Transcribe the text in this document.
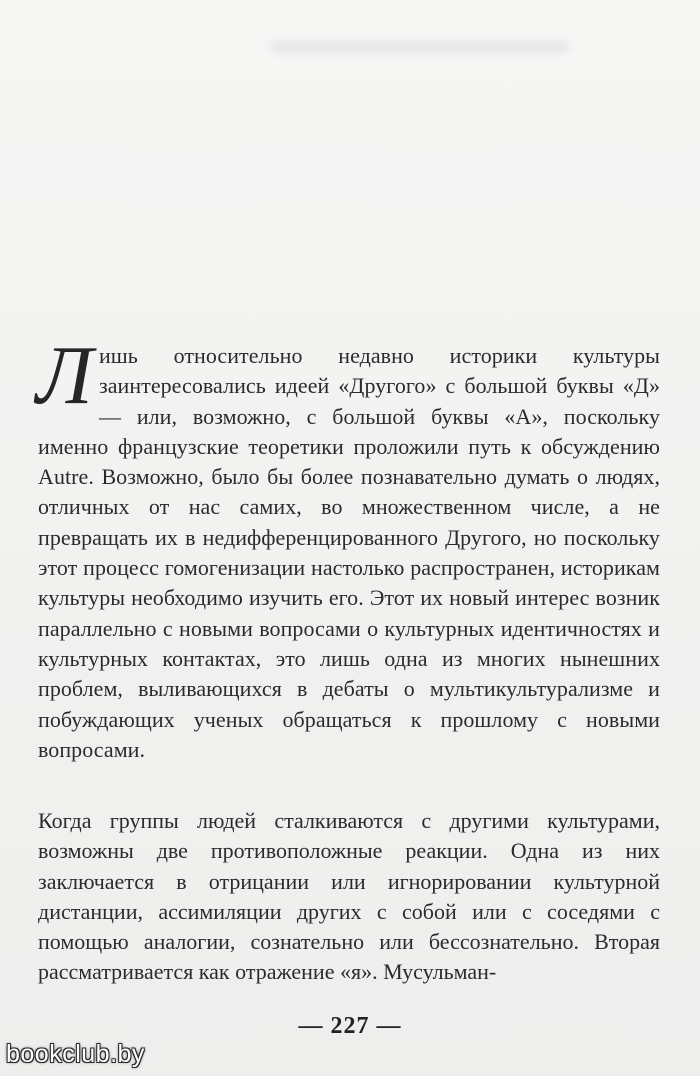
Л ишь относительно недавно историки культуры заинтересовались идеей «Другого» с большой буквы «Д» — или, возможно, с большой буквы «А», поскольку именно французские теоретики проложили путь к обсуждению Autre. Возможно, было бы более познавательно думать о людях, отличных от нас самих, во множественном числе, а не превращать их в недифференцированного Другого, но поскольку этот процесс гомогенизации настолько распространен, историкам культуры необходимо изучить его. Этот их новый интерес возник параллельно с новыми вопросами о культурных идентичностях и культурных контактах, это лишь одна из многих нынешних проблем, выливающихся в дебаты о мультикультурализме и побуждающих ученых обращаться к прошлому с новыми вопросами.
Когда группы людей сталкиваются с другими культурами, возможны две противоположные реакции. Одна из них заключается в отрицании или игнорировании культурной дистанции, ассимиляции других с собой или с соседями с помощью аналогии, сознательно или бессознательно. Вторая рассматривается как отражение «я». Мусульман-
— 227 —
bookclub.by
